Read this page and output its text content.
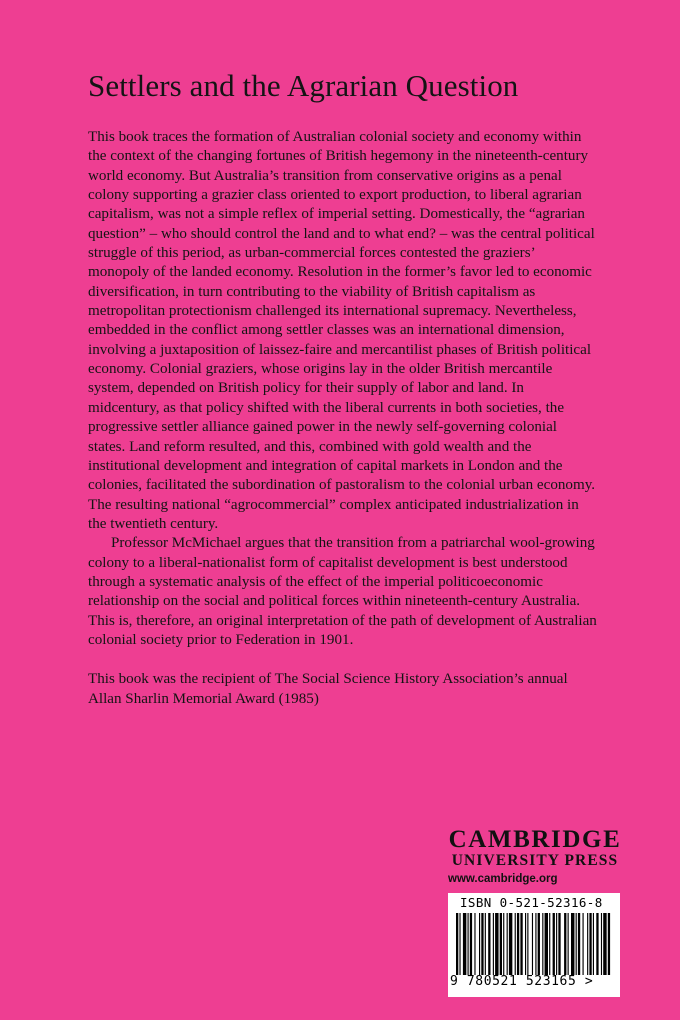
Settlers and the Agrarian Question

This book traces the formation of Australian colonial society and economy within the context of the changing fortunes of British hegemony in the nineteenth-century world economy. But Australia’s transition from conservative origins as a penal colony supporting a grazier class oriented to export production, to liberal agrarian capitalism, was not a simple reflex of imperial setting. Domestically, the “agrarian question” – who should control the land and to what end? – was the central political struggle of this period, as urban-commercial forces contested the graziers’ monopoly of the landed economy. Resolution in the former’s favor led to economic diversification, in turn contributing to the viability of British capitalism as metropolitan protectionism challenged its international supremacy. Nevertheless, embedded in the conflict among settler classes was an international dimension, involving a juxtaposition of laissez-faire and mercantilist phases of British political economy. Colonial graziers, whose origins lay in the older British mercantile system, depended on British policy for their supply of labor and land. In midcentury, as that policy shifted with the liberal currents in both societies, the progressive settler alliance gained power in the newly self-governing colonial states. Land reform resulted, and this, combined with gold wealth and the institutional development and integration of capital markets in London and the colonies, facilitated the subordination of pastoralism to the colonial urban economy. The resulting national “agrocommercial” complex anticipated industrialization in the twentieth century.

Professor McMichael argues that the transition from a patriarchal wool-growing colony to a liberal-nationalist form of capitalist development is best understood through a systematic analysis of the effect of the imperial politicoeconomic relationship on the social and political forces within nineteenth-century Australia. This is, therefore, an original interpretation of the path of development of Australian colonial society prior to Federation in 1901.

This book was the recipient of The Social Science History Association’s annual Allan Sharlin Memorial Award (1985)

CAMBRIDGE

UNIVERSITY PRESS

www.cambridge.org

ISBN 0-521-52316-8
9 780521 523165 >
